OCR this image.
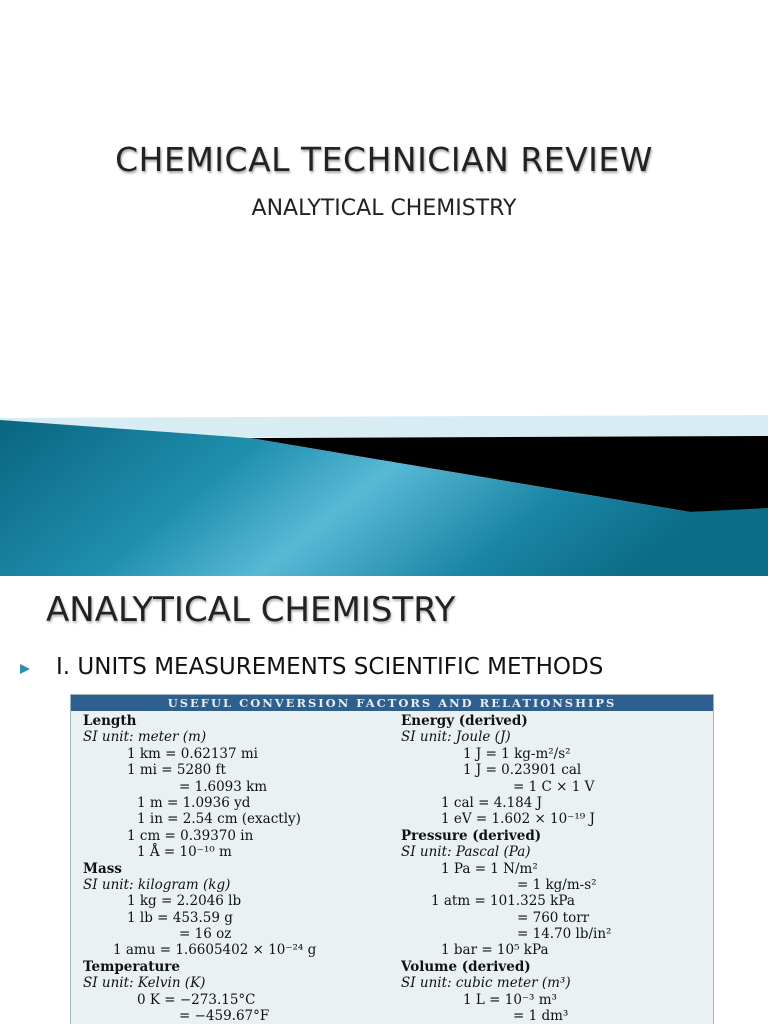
CHEMICAL TECHNICIAN REVIEW
ANALYTICAL CHEMISTRY
ANALYTICAL CHEMISTRY
I. UNITS MEASUREMENTS SCIENTIFIC METHODS
USEFUL CONVERSION FACTORS AND RELATIONSHIPS
Length
SI unit: meter (m)
1 km = 0.62137 mi
1 mi = 5280 ft
= 1.6093 km
1 m = 1.0936 yd
1 in = 2.54 cm (exactly)
1 cm = 0.39370 in
1 Å = 10⁻¹⁰ m
Mass
SI unit: kilogram (kg)
1 kg = 2.2046 lb
1 lb = 453.59 g
= 16 oz
1 amu = 1.6605402 × 10⁻²⁴ g
Temperature
SI unit: Kelvin (K)
0 K = −273.15°C
= −459.67°F
Energy (derived)
SI unit: Joule (J)
1 J = 1 kg-m²/s²
1 J = 0.23901 cal
= 1 C × 1 V
1 cal = 4.184 J
1 eV = 1.602 × 10⁻¹⁹ J
Pressure (derived)
SI unit: Pascal (Pa)
1 Pa = 1 N/m²
= 1 kg/m-s²
1 atm = 101.325 kPa
= 760 torr
= 14.70 lb/in²
1 bar = 10⁵ kPa
Volume (derived)
SI unit: cubic meter (m³)
1 L = 10⁻³ m³
= 1 dm³
